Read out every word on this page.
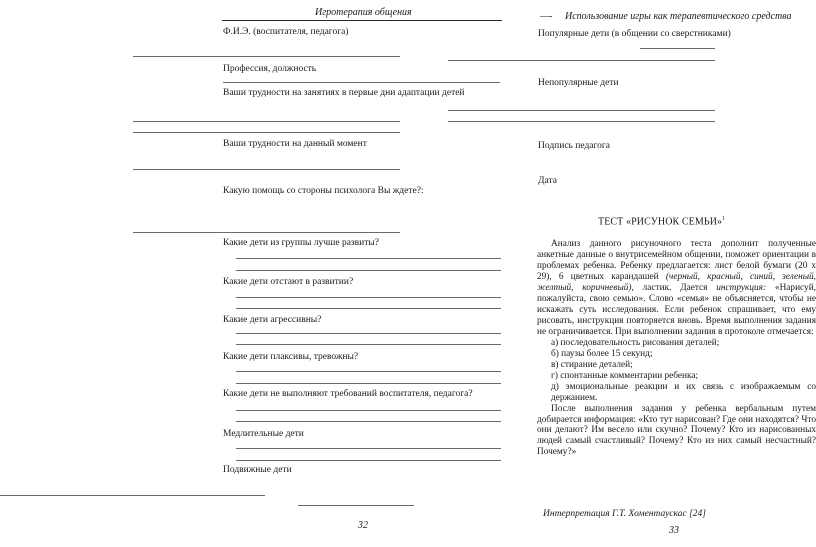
Игротерапия общения
Ф.И.Э. (воспитателя, педагога)
Профессия, должность
Ваши трудности на занятиях в первые дни адаптации детей
Ваши трудности на данный момент
Какую помощь со стороны психолога Вы ждете?:
Какие дети из группы лучше развиты?
Какие дети отстают в развитии?
Какие дети агрессивны?
Какие дети плаксивы, тревожны?
Какие дети не выполняют требований воспитателя, педагога?
Медлительные дети
Подвижные дети
32
—- Использование игры как терапевтического средства
Популярные дети (в общении со сверстниками)
Непопулярные дети
Подпись педагога
Дата
ТЕСТ «РИСУНОК СЕМЬИ»$^1$

Анализ данного рисуночного теста дополнит полученные анкетные данные о внутрисемейном общении, поможет ориентации в проблемах ребенка. Ребенку предлагается: лист белой бумаги (20 х 29), 6 цветных карандашей (черный, красный, синий, зеленый, желтый, коричневый), ластик. Дается инструкция: «Нарисуй, пожалуйста, свою семью». Слово «семья» не объясняется, чтобы не искажать суть исследования. Если ребенок спрашивает, что ему рисовать, инструкция повторяется вновь. Время выполнения задания не ограничивается. При выполнении задания в протоколе отмечается:

а) последовательность рисования деталей;
б) паузы более 15 секунд;
в) стирание деталей;
г) спонтанные комментарии ребенка;
д) эмоциональные реакции и их связь с изображаемым со держанием.

После выполнения задания у ребенка вербальным путем добирается информация: «Кто тут нарисован? Где они находятся? Что они делают? Им весело или скучно? Почему? Кто из нарисованных людей самый счастливый? Почему? Кто из них самый несчастный? Почему?»

Интерпретация Г.Т. Хоментаускас [24]
33
